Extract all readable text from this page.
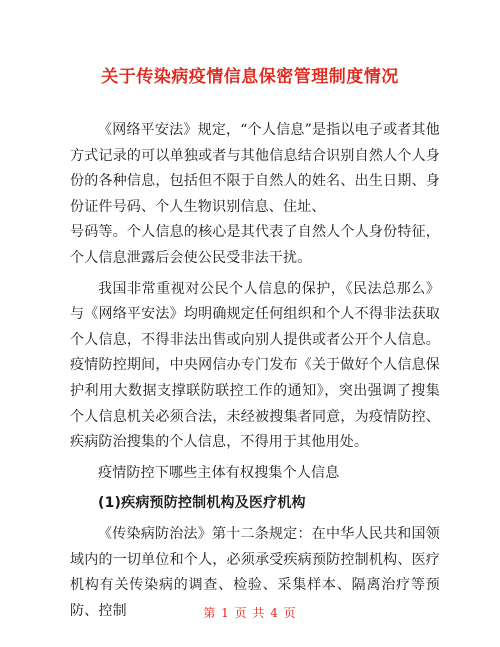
关于传染病疫情信息保密管理制度情况

《网络平安法》规定，“个人信息”是指以电子或者其他方式记录的可以单独或者与其他信息结合识别自然人个人身份的各种信息，包括但不限于自然人的姓名、出生日期、身份证件号码、个人生物识别信息、住址、

号码等。个人信息的核心是其代表了自然人个人身份特征，个人信息泄露后会使公民受非法干扰。

我国非常重视对公民个人信息的保护，《民法总那么》与《网络平安法》均明确规定任何组织和个人不得非法获取个人信息，不得非法出售或向别人提供或者公开个人信息。疫情防控期间，中央网信办专门发布《关于做好个人信息保护利用大数据支撑联防联控工作的通知》，突出强调了搜集个人信息机关必须合法，未经被搜集者同意，为疫情防控、疾病防治搜集的个人信息，不得用于其他用处。

疫情防控下哪些主体有权搜集个人信息

(1)疾病预防控制机构及医疗机构

《传染病防治法》第十二条规定：在中华人民共和国领域内的一切单位和个人，必须承受疾病预防控制机构、医疗机构有关传染病的调查、检验、采集样本、隔离治疗等预防、控制	第 1 页 共 4 页
